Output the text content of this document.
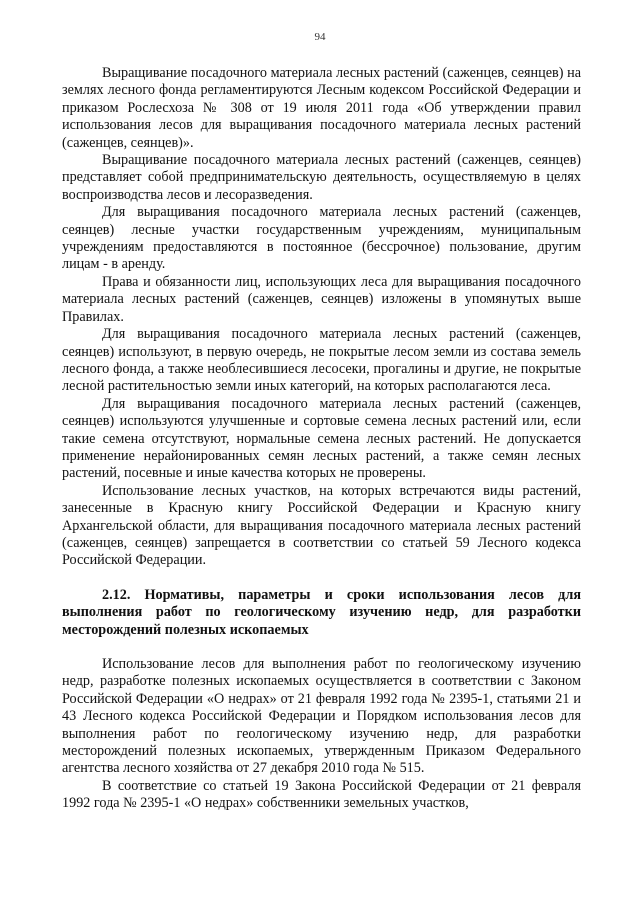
94

Выращивание посадочного материала лесных растений (саженцев, сеянцев) на землях лесного фонда регламентируются Лесным кодексом Российской Федерации и приказом Рослесхоза № 308 от 19 июля 2011 года «Об утверждении правил использования лесов для выращивания посадочного материала лесных растений (саженцев, сеянцев)».

Выращивание посадочного материала лесных растений (саженцев, сеянцев) представляет собой предпринимательскую деятельность, осуществляемую в целях воспроизводства лесов и лесоразведения.

Для выращивания посадочного материала лесных растений (саженцев, сеянцев) лесные участки государственным учреждениям, муниципальным учреждениям предоставляются в постоянное (бессрочное) пользование, другим лицам - в аренду.

Права и обязанности лиц, использующих леса для выращивания посадочного материала лесных растений (саженцев, сеянцев) изложены в упомянутых выше Правилах.

Для выращивания посадочного материала лесных растений (саженцев, сеянцев) используют, в первую очередь, не покрытые лесом земли из состава земель лесного фонда, а также необлесившиеся лесосеки, прогалины и другие, не покрытые лесной растительностью земли иных категорий, на которых располагаются леса.

Для выращивания посадочного материала лесных растений (саженцев, сеянцев) используются улучшенные и сортовые семена лесных растений или, если такие семена отсутствуют, нормальные семена лесных растений. Не допускается применение нерайонированных семян лесных растений, а также семян лесных растений, посевные и иные качества которых не проверены.

Использование лесных участков, на которых встречаются виды растений, занесенные в Красную книгу Российской Федерации и Красную книгу Архангельской области, для выращивания посадочного материала лесных растений (саженцев, сеянцев) запрещается в соответствии со статьей 59 Лесного кодекса Российской Федерации.

2.12. Нормативы, параметры и сроки использования лесов для выполнения работ по геологическому изучению недр, для разработки месторождений полезных ископаемых

Использование лесов для выполнения работ по геологическому изучению недр, разработке полезных ископаемых осуществляется в соответствии с Законом Российской Федерации «О недрах» от 21 февраля 1992 года № 2395-1, статьями 21 и 43 Лесного кодекса Российской Федерации и Порядком использования лесов для выполнения работ по геологическому изучению недр, для разработки месторождений полезных ископаемых, утвержденным Приказом Федерального агентства лесного хозяйства от 27 декабря 2010 года № 515.

В соответствие со статьей 19 Закона Российской Федерации от 21 февраля 1992 года № 2395-1 «О недрах» собственники земельных участков,
